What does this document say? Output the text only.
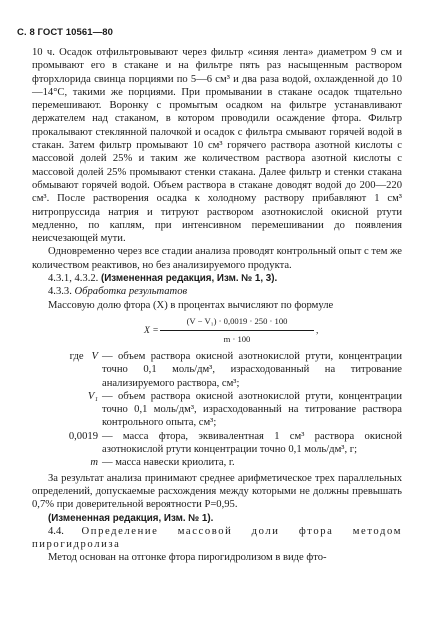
С. 8 ГОСТ 10561—80

10 ч. Осадок отфильтровывают через фильтр «синяя лента» диаметром 9 см и промывают его в стакане и на фильтре пять раз насыщенным раствором фторхлорида свинца порциями по 5—6 см³ и два раза водой, охлажденной до 10—14°С, такими же порциями. При промывании в стакане осадок тщательно перемешивают. Воронку с промытым осадком на фильтре устанавливают держателем над стаканом, в котором проводили осаждение фтора. Фильтр прокалывают стеклянной палочкой и осадок с фильтра смывают горячей водой в стакан. Затем фильтр промывают 10 см³ горячего раствора азотной кислоты с массовой долей 25% и таким же количеством раствора азотной кислоты с массовой долей 25% промывают стенки стакана. Далее фильтр и стенки стакана обмывают горячей водой. Объем раствора в стакане доводят водой до 200—220 см³. После растворения осадка к холодному раствору прибавляют 1 см³ нитропруссида натрия и титруют раствором азотнокислой окисной ртути медленно, по каплям, при интенсивном перемешивании до появления неисчезающей мути.

Одновременно через все стадии анализа проводят контрольный опыт с тем же количеством реактивов, но без анализируемого продукта.

4.3.1, 4.3.2. (Измененная редакция, Изм. № 1, 3).

4.3.3. Обработка результатов

Массовую долю фтора (X) в процентах вычисляют по формуле

X =
(V − V₁) · 0,0019 · 250 · 100
m · 100
,
где V — объем раствора окисной азотнокислой ртути, концентрации точно 0,1 моль/дм³, израсходованный на титрование анализируемого раствора, см³;
V₁ — объем раствора окисной азотнокислой ртути, концентрации точно 0,1 моль/дм³, израсходованный на титрование раствора контрольного опыта, см³;
0,0019 — масса фтора, эквивалентная 1 см³ раствора окисной азотнокислой ртути концентрации точно 0,1 моль/дм³, г;
m — масса навески криолита, г.

За результат анализа принимают среднее арифметическое трех параллельных определений, допускаемые расхождения между которыми не должны превышать 0,7% при доверительной вероятности Р=0,95.

(Измененная редакция, Изм. № 1).

4.4. Определение массовой доли фтора методом пирогидролиза

Метод основан на отгонке фтора пирогидролизом в виде фто-
